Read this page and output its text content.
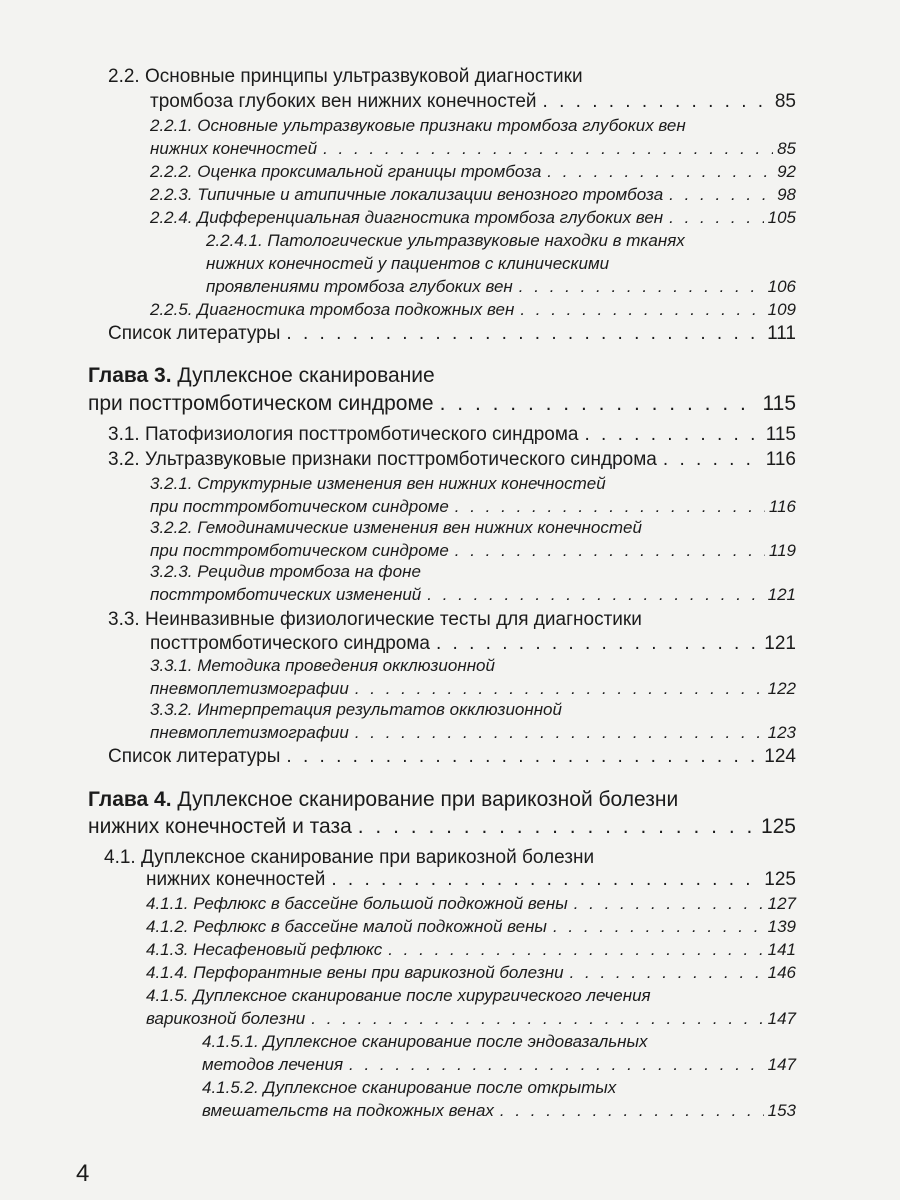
2.2. Основные принципы ультразвуковой диагностики
тромбоза глубоких вен нижних конечностей . . .	85
2.2.1. Основные ультразвуковые признаки тромбоза глубоких вен
нижних конечностей . . .	85
2.2.2. Оценка проксимальной границы тромбоза . . .	92
2.2.3. Типичные и атипичные локализации венозного тромбоза . . .	98
2.2.4. Дифференциальная диагностика тромбоза глубоких вен . . .	105
2.2.4.1. Патологические ультразвуковые находки в тканях
нижних конечностей у пациентов с клиническими
проявлениями тромбоза глубоких вен . . .	106
2.2.5. Диагностика тромбоза подкожных вен . . .	109
Список литературы . . .	111
Глава 3. Дуплексное сканирование
при посттромботическом синдроме . . .	115
3.1. Патофизиология посттромботического синдрома . . .	115
3.2. Ультразвуковые признаки посттромботического синдрома . . .	116
3.2.1. Структурные изменения вен нижних конечностей
при посттромботическом синдроме . . .	116
3.2.2. Гемодинамические изменения вен нижних конечностей
при посттромботическом синдроме . . .	119
3.2.3. Рецидив тромбоза на фоне
посттромботических изменений . . .	121
3.3. Неинвазивные физиологические тесты для диагностики
посттромботического синдрома . . .	121
3.3.1. Методика проведения окклюзионной
пневмоплетизмографии . . .	122
3.3.2. Интерпретация результатов окклюзионной
пневмоплетизмографии . . .	123
Список литературы . . .	124
Глава 4. Дуплексное сканирование при варикозной болезни
нижних конечностей и таза . . .	125
4.1. Дуплексное сканирование при варикозной болезни
нижних конечностей . . .	125
4.1.1. Рефлюкс в бассейне большой подкожной вены . . .	127
4.1.2. Рефлюкс в бассейне малой подкожной вены . . .	139
4.1.3. Несафеновый рефлюкс . . .	141
4.1.4. Перфорантные вены при варикозной болезни . . .	146
4.1.5. Дуплексное сканирование после хирургического лечения
варикозной болезни . . .	147
4.1.5.1. Дуплексное сканирование после эндовазальных
методов лечения . . .	147
4.1.5.2. Дуплексное сканирование после открытых
вмешательств на подкожных венах . . .	153
4
